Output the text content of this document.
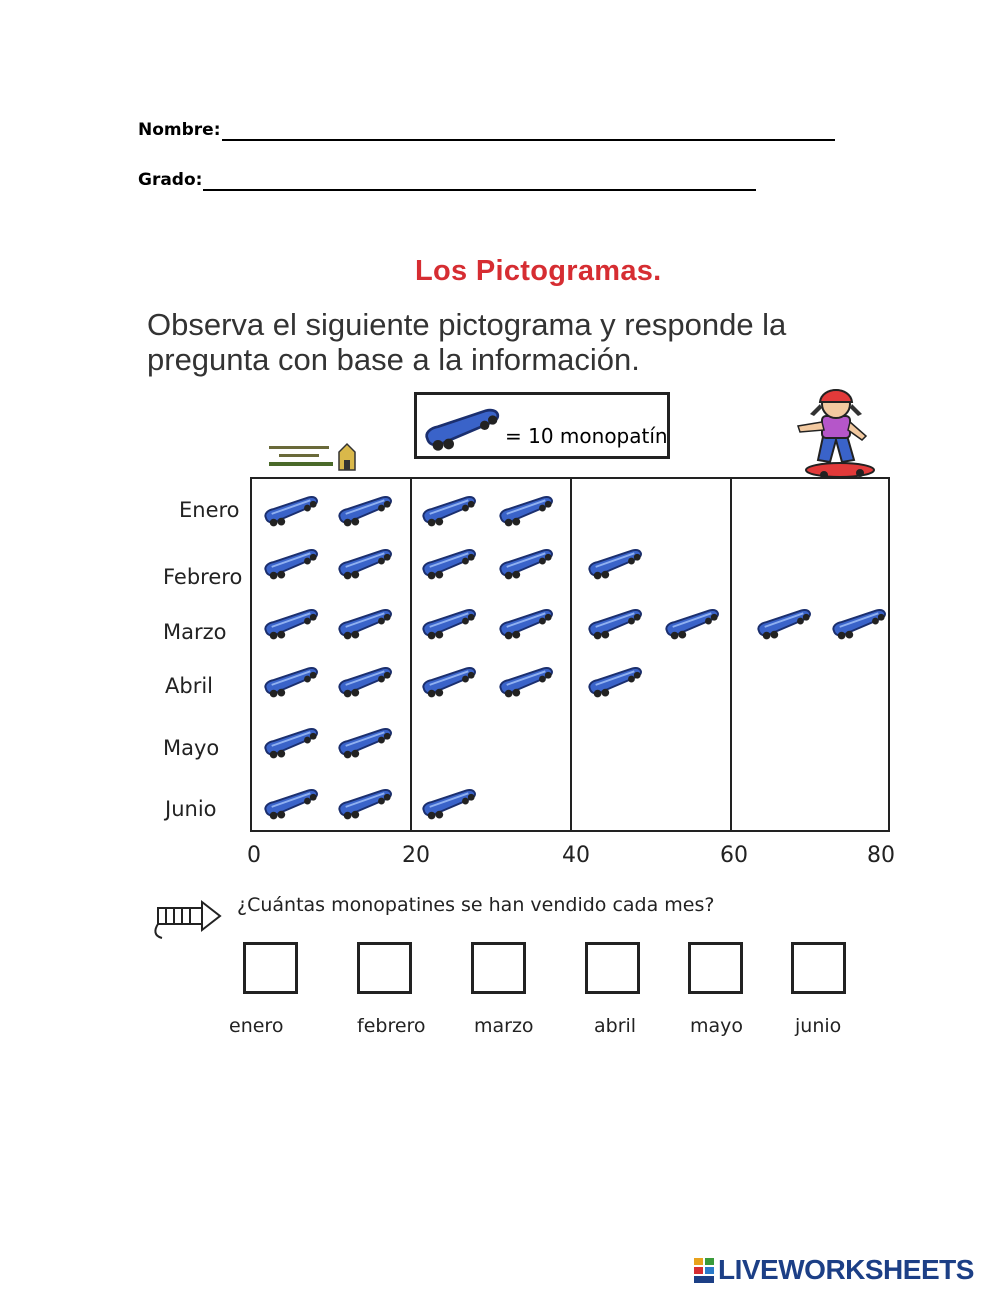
Nombre:
Grado:
Los Pictogramas.
Observa el siguiente pictograma y responde la
pregunta con base a la información.
= 10 monopatín
Enero
Febrero
Marzo
Abril
Mayo
Junio
0	20	40	60	80
¿Cuántas monopatines se han vendido cada mes?
enero	febrero	marzo	abril	mayo	junio
LIVEWORKSHEETS
